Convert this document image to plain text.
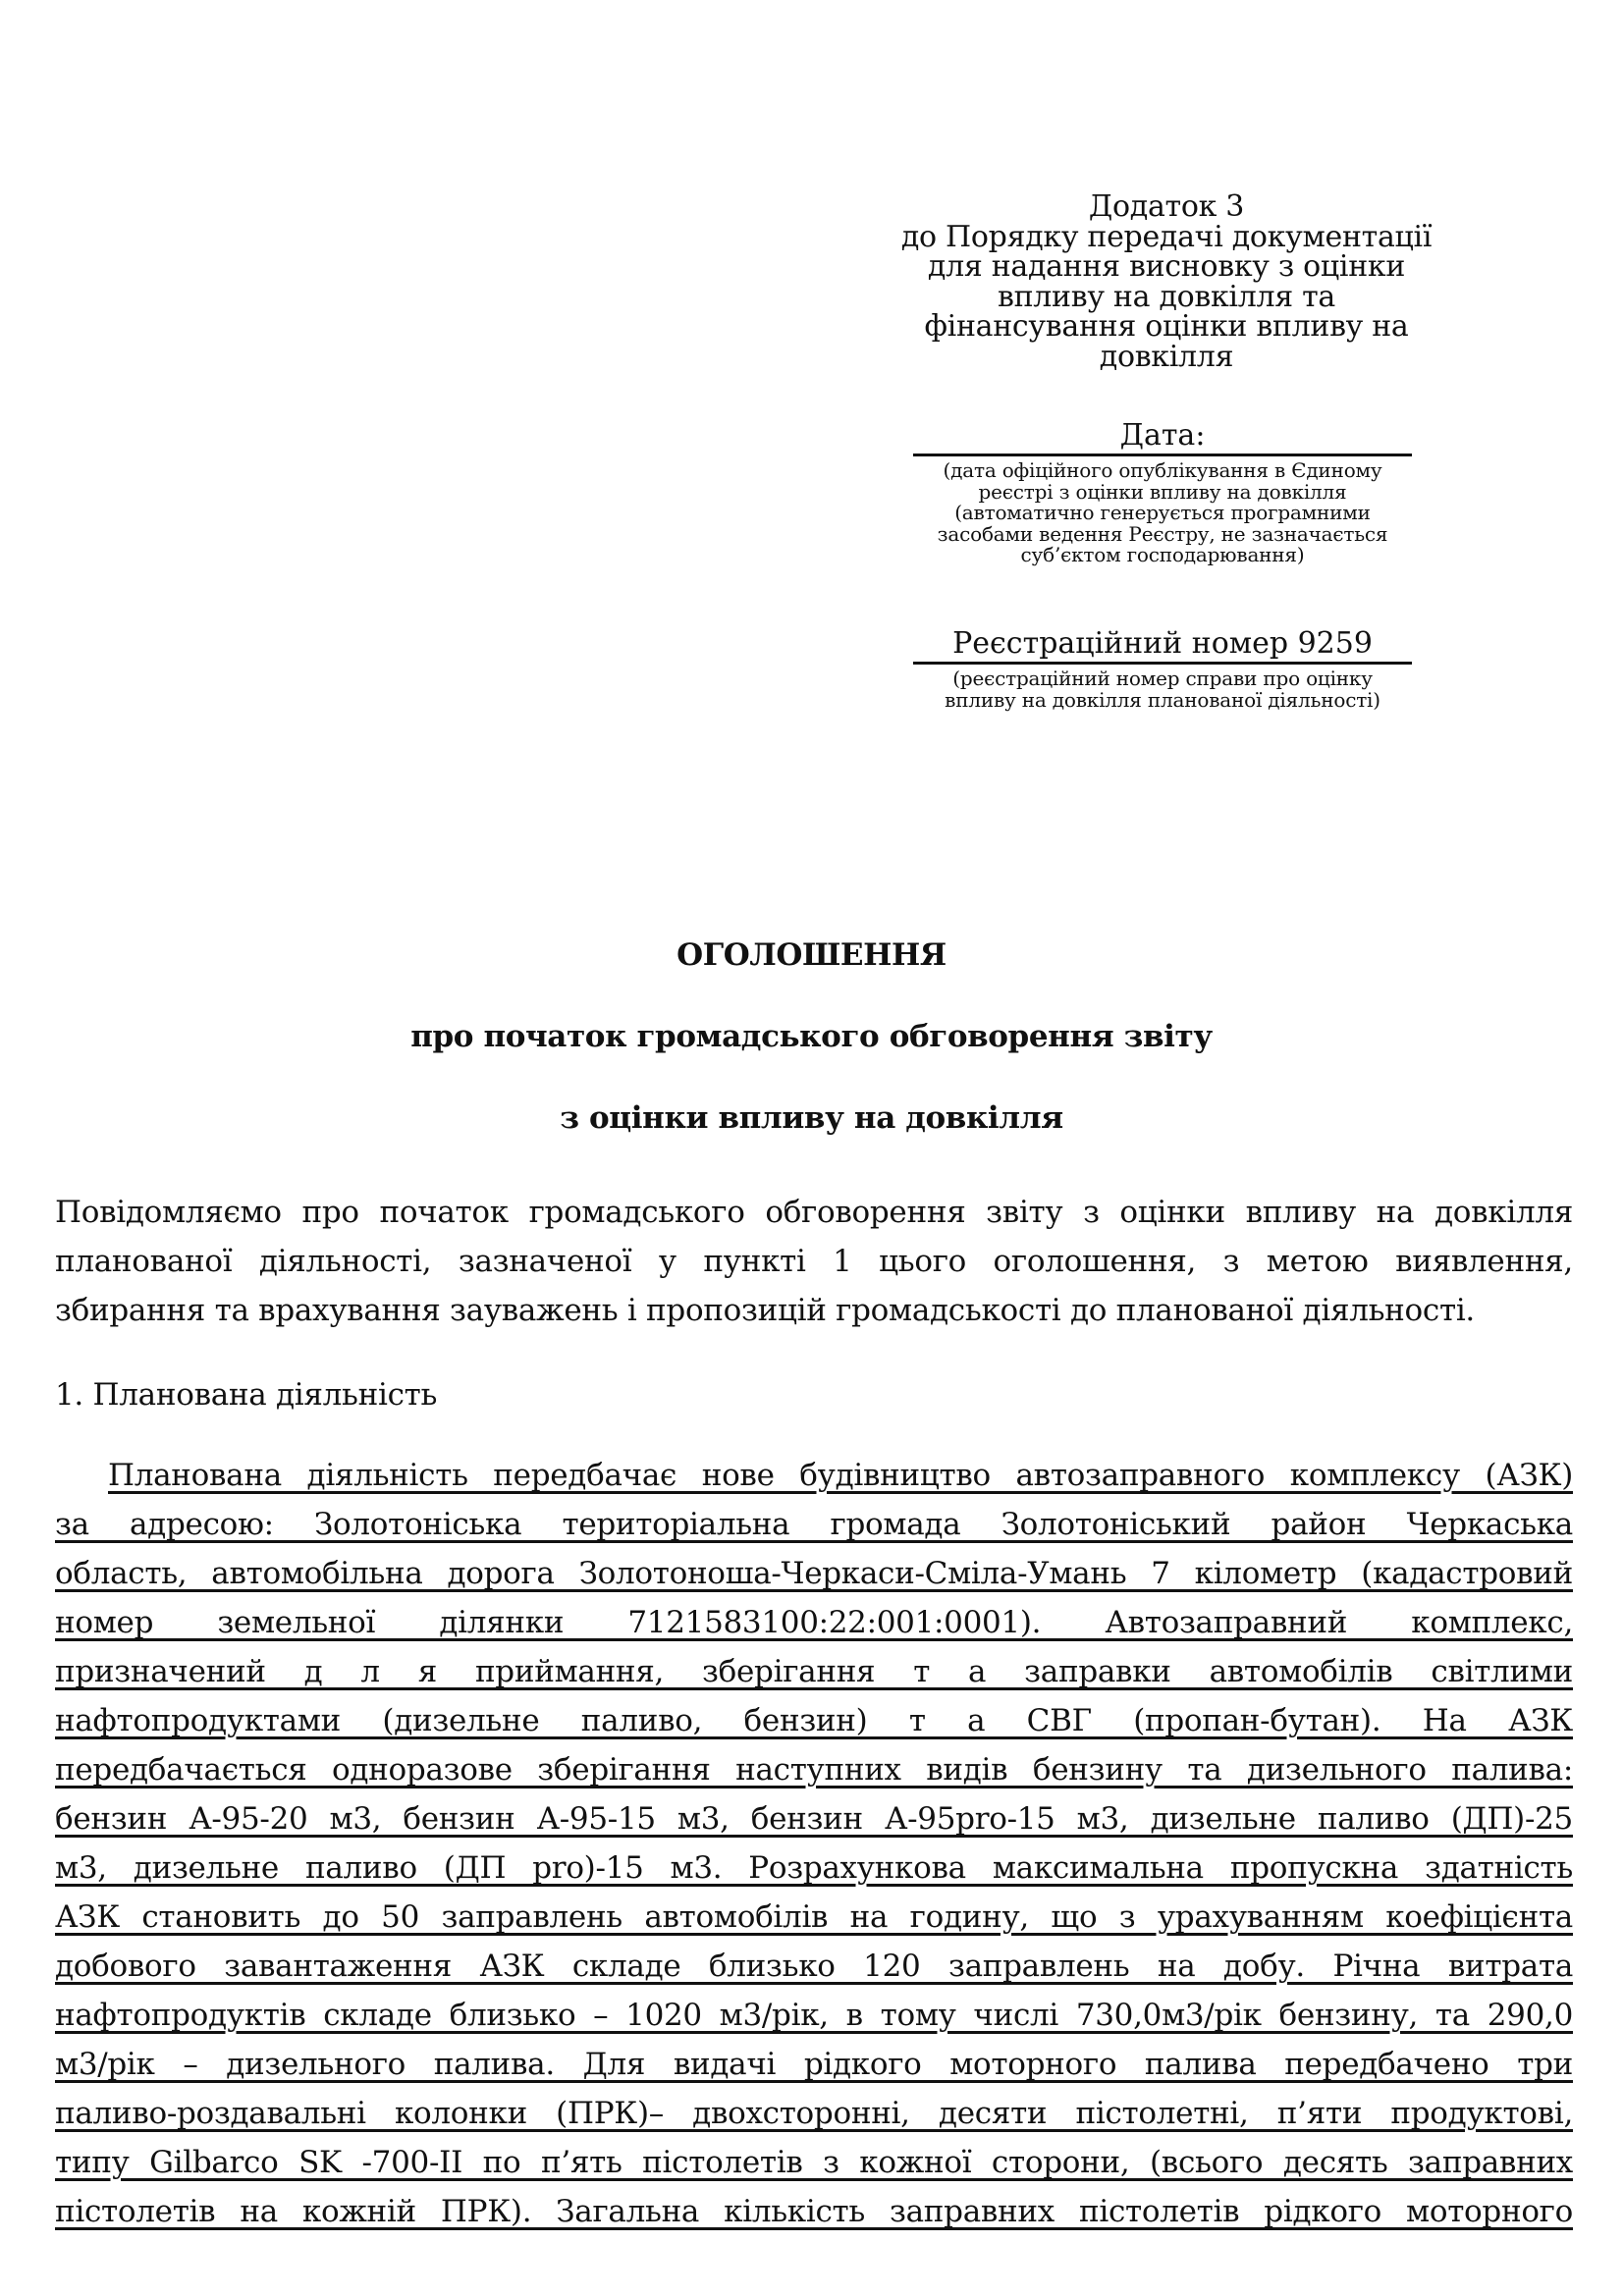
Додаток 3
до Порядку передачі документації
для надання висновку з оцінки
впливу на довкілля та
фінансування оцінки впливу на
довкілля
Дата:
(дата офіційного опублікування в Єдиному
реєстрі з оцінки впливу на довкілля
(автоматично генерується програмними
засобами ведення Реєстру, не зазначається
суб’єктом господарювання)
Реєстраційний номер 9259
(реєстраційний номер справи про оцінку
впливу на довкілля планованої діяльності)
ОГОЛОШЕННЯ
про початок громадського обговорення звіту
з оцінки впливу на довкілля
Повідомляємо про початок громадського обговорення звіту з оцінки впливу на довкілля
планованої діяльності, зазначеної у пункті 1 цього оголошення, з метою виявлення,
збирання та врахування зауважень і пропозицій громадськості до планованої діяльності.
1. Планована діяльність
Планована діяльність передбачає нове будівництво автозаправного комплексу (АЗК)
за адресою: Золотоніська територіальна громада Золотоніський район Черкаська
область, автомобільна дорога Золотоноша-Черкаси-Сміла-Умань 7 кілометр (кадастровий
номер земельної ділянки 7121583100:22:001:0001). Автозаправний комплекс,
призначений д л я приймання, зберігання т а заправки автомобілів світлими
нафтопродуктами (дизельне паливо, бензин) т а СВГ (пропан-бутан). На АЗК
передбачається одноразове зберігання наступних видів бензину та дизельного палива:
бензин А-95-20 м3, бензин А-95-15 м3, бензин А-95pro-15 м3, дизельне паливо (ДП)-25
м3, дизельне паливо (ДП pro)-15 м3. Розрахункова максимальна пропускна здатність
АЗК становить до 50 заправлень автомобілів на годину, що з урахуванням коефіцієнта
добового завантаження АЗК складе близько 120 заправлень на добу. Річна витрата
нафтопродуктів складе близько – 1020 м3/рік, в тому числі 730,0м3/рік бензину, та 290,0
м3/рік – дизельного палива. Для видачі рідкого моторного палива передбачено три
паливо-роздавальні колонки (ПРК)– двохсторонні, десяти пістолетні, п’яти продуктові,
типу Gilbarco SK -700-II по п’ять пістолетів з кожної сторони, (всього десять заправних
пістолетів на кожній ПРК). Загальна кількість заправних пістолетів рідкого моторного
